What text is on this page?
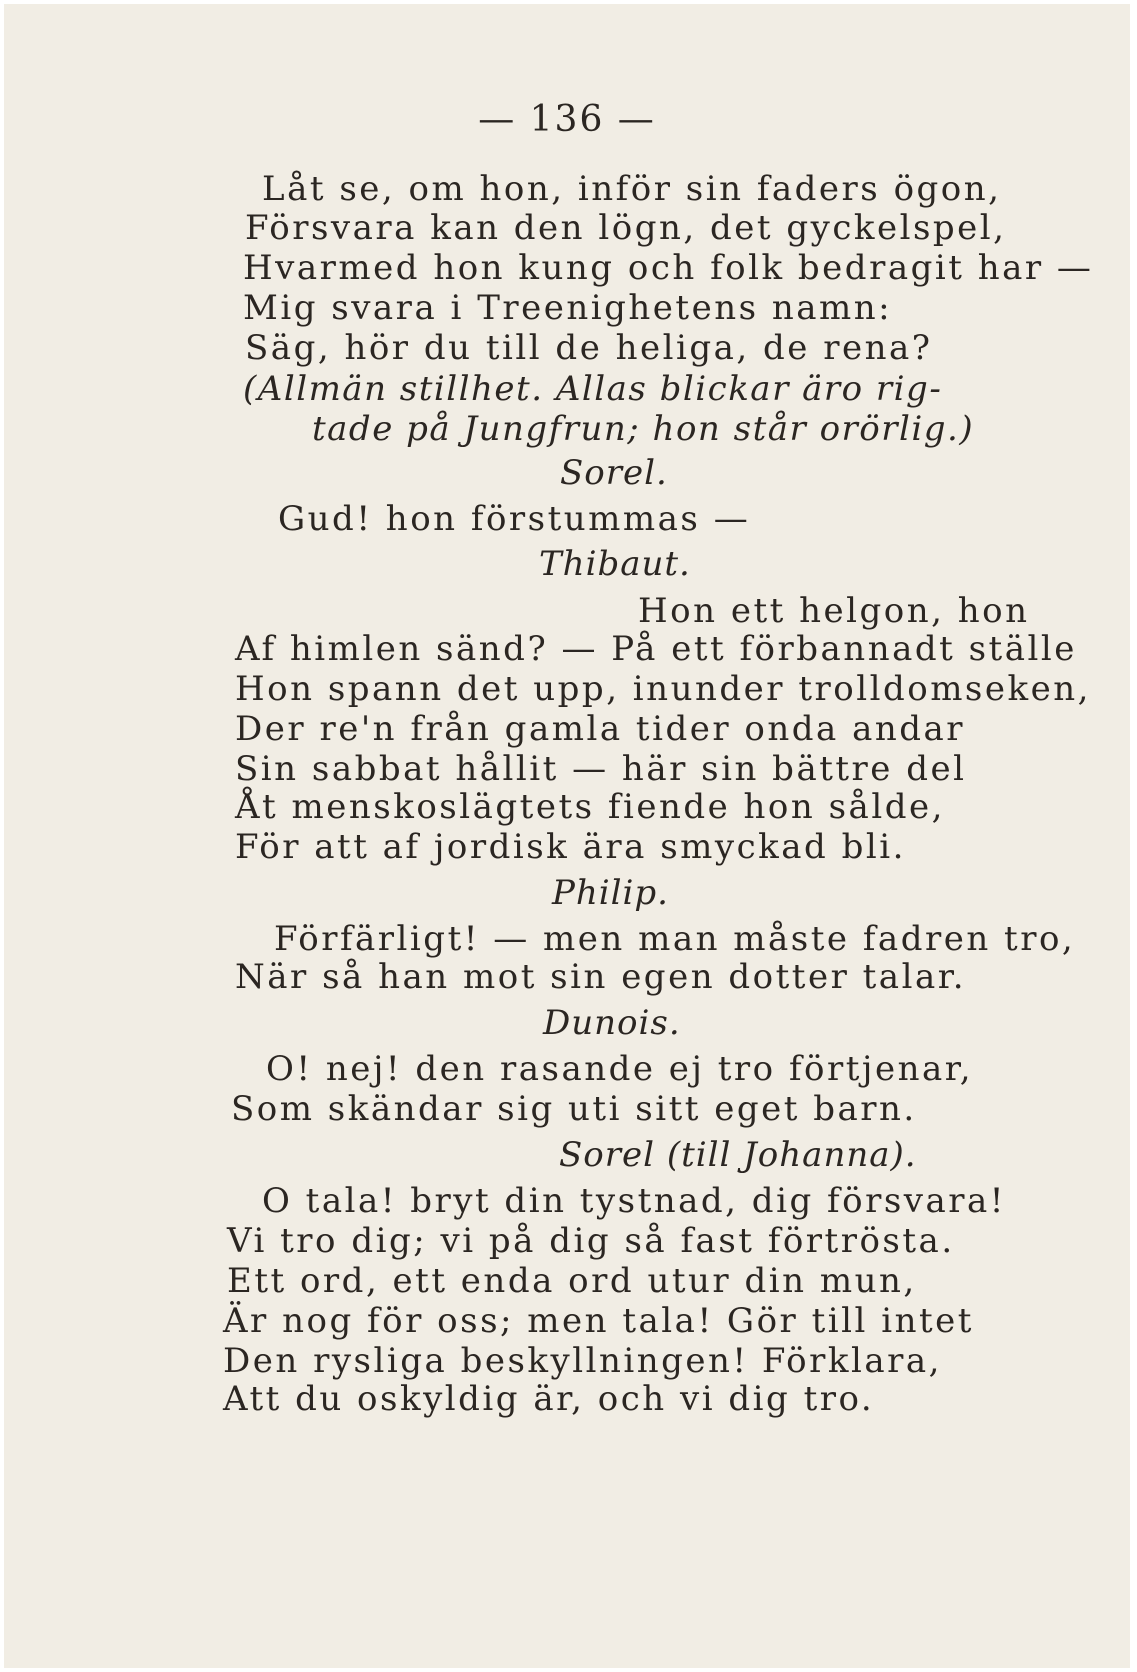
— 136 —
Låt se, om hon, inför sin faders ögon,
Försvara kan den lögn, det gyckelspel,
Hvarmed hon kung och folk bedragit har —
Mig svara i Treenighetens namn:
Säg, hör du till de heliga, de rena?
(Allmän stillhet. Allas blickar äro rig-
tade på Jungfrun; hon står orörlig.)
Sorel.
Gud! hon förstummas —
Thibaut.
Hon ett helgon, hon
Af himlen sänd? — På ett förbannadt ställe
Hon spann det upp, inunder trolldomseken,
Der re'n från gamla tider onda andar
Sin sabbat hållit — här sin bättre del
Åt menskoslägtets fiende hon sålde,
För att af jordisk ära smyckad bli.
Philip.
Förfärligt! — men man måste fadren tro,
När så han mot sin egen dotter talar.
Dunois.
O! nej! den rasande ej tro förtjenar,
Som skändar sig uti sitt eget barn.
Sorel (till Johanna).
O tala! bryt din tystnad, dig försvara!
Vi tro dig; vi på dig så fast förtrösta.
Ett ord, ett enda ord utur din mun,
Är nog för oss; men tala! Gör till intet
Den rysliga beskyllningen! Förklara,
Att du oskyldig är, och vi dig tro.
